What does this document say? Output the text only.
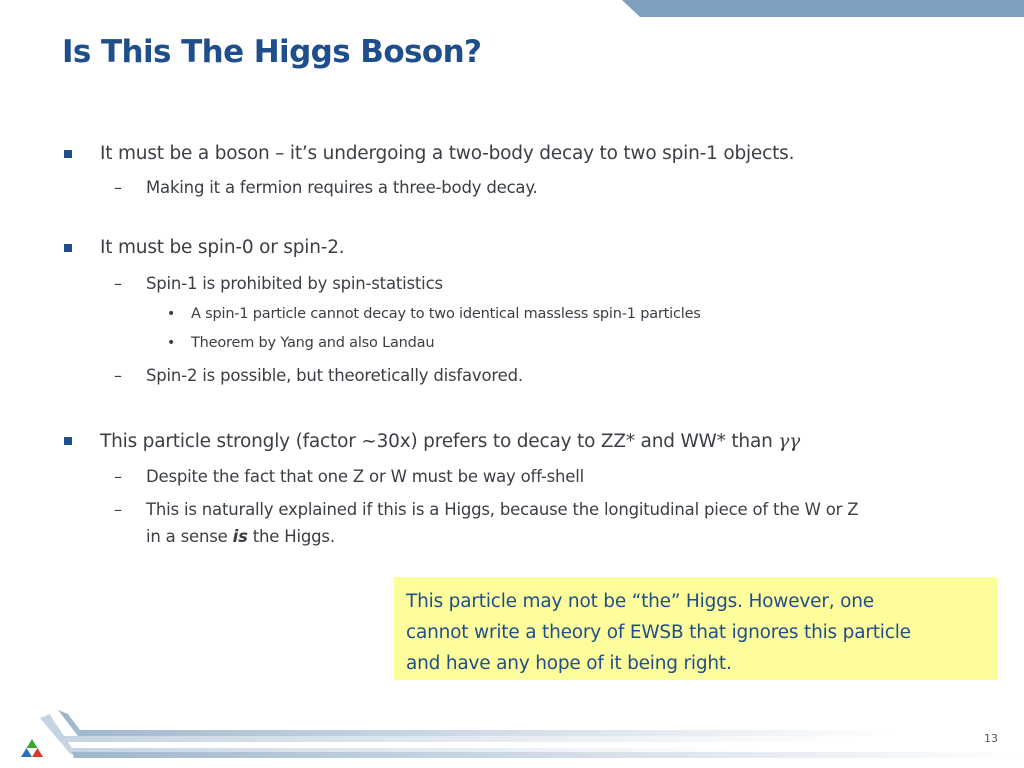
Is This The Higgs Boson?
It must be a boson – it’s undergoing a two-body decay to two spin-1 objects.
– Making it a fermion requires a three-body decay.
It must be spin-0 or spin-2.
– Spin-1 is prohibited by spin-statistics
• A spin-1 particle cannot decay to two identical massless spin-1 particles
• Theorem by Yang and also Landau
– Spin-2 is possible, but theoretically disfavored.
This particle strongly (factor ~30x) prefers to decay to ZZ* and WW* than γγ
– Despite the fact that one Z or W must be way off-shell
– This is naturally explained if this is a Higgs, because the longitudinal piece of the W or Z
in a sense is the Higgs.
This particle may not be “the” Higgs. However, one
cannot write a theory of EWSB that ignores this particle
and have any hope of it being right.
13
